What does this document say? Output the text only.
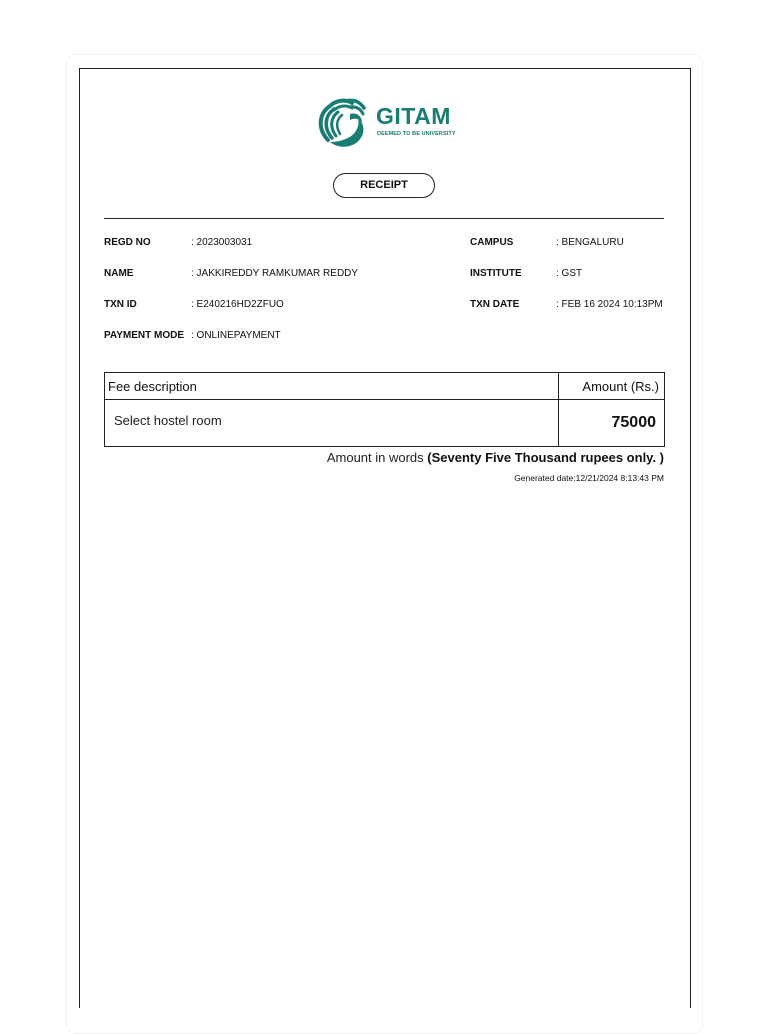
GITAM
DEEMED TO BE UNIVERSITY
RECEIPT
REGD NO	: 2023003031
NAME	: JAKKIREDDY RAMKUMAR REDDY
TXN ID	: E240216HD2ZFUO
PAYMENT MODE : ONLINEPAYMENT
CAMPUS	: BENGALURU
INSTITUTE	: GST
TXN DATE	: FEB 16 2024 10:13PM
Fee description	Amount (Rs.)
Select hostel room	75000
Amount in words (Seventy Five Thousand rupees only. )
Generated date:12/21/2024 8:13:43 PM
